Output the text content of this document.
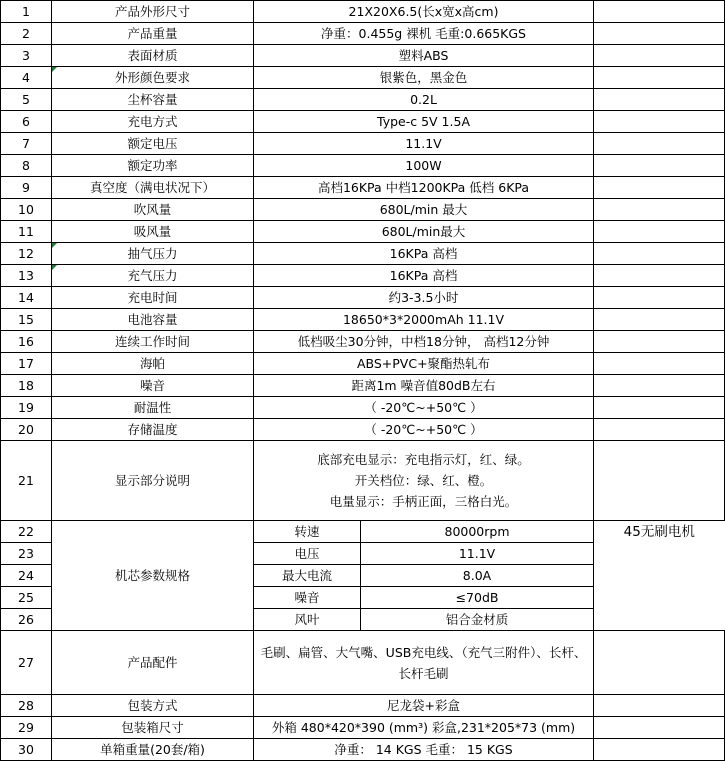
1	产品外形尺寸	21X20X6.5(长x宽x高cm)		
2	产品重量	净重：0.455g 裸机 毛重:0.665KGS		
3	表面材质	塑料ABS		
4	外形颜色要求	银紫色，黑金色		
5	尘杯容量	0.2L		
6	充电方式	Type-c 5V 1.5A		
7	额定电压	11.1V		
8	额定功率	100W		
9	真空度（满电状况下）	高档16KPa 中档1200KPa 低档 6KPa		
10	吹风量	680L/min 最大		
11	吸风量	680L/min最大		
12	抽气压力	16KPa 高档		
13	充气压力	16KPa 高档		
14	充电时间	约3-3.5小时		
15	电池容量	18650*3*2000mAh 11.1V		
16	连续工作时间	低档吸尘30分钟，中档18分钟， 高档12分钟		
17	海帕	ABS+PVC+聚酯热轧布		
18	噪音	距离1m 噪音值80dB左右		
19	耐温性	（ -20℃~+50℃ ）		
20	存储温度	（ -20℃~+50℃ ）		
21	显示部分说明	底部充电显示：充电指示灯，红、绿。
开关档位：绿、红、橙。
电量显示：手柄正面，三格白光。		

22	机芯参数规格	转速	80000rpm	45无刷电机
23		电压	11.1V	
24		最大电流	8.0A	
25		噪音	≤70dB	
26		风叶	铝合金材质	
27	产品配件	毛刷、扁管、大气嘴、USB充电线、（充气三附件）、长杆、长杆毛刷		
28	包装方式	尼龙袋+彩盒		
29	包装箱尺寸	外箱 480*420*390 (mm³) 彩盒,231*205*73 (mm)		
30	单箱重量(20套/箱)	净重： 14 KGS 毛重： 15 KGS		
